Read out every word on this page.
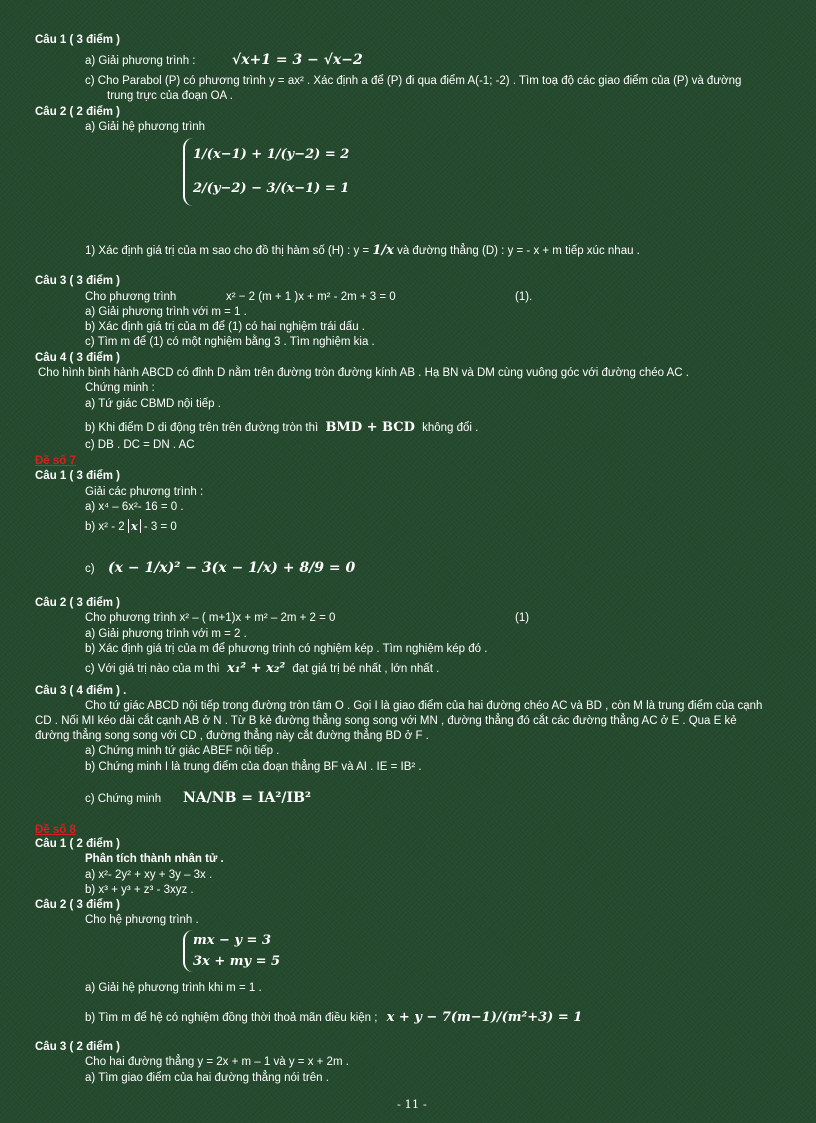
Câu 1 ( 3 điểm )
a) Giải phương trình :	√x+1 = 3 − √x−2
c) Cho Parabol (P) có phương trình y = ax² . Xác định a để (P) đi qua điểm A(-1; -2) . Tìm toạ độ các giao điểm của (P) và đường
trung trực của đoạn OA .
Câu 2 ( 2 điểm )
a) Giải hệ phương trình
1/(x−1) + 1/(y−2) = 2
2/(y−2) − 3/(x−1) = 1
1) Xác định giá trị của m sao cho đồ thị hàm số (H) : y = 1/x và đường thẳng (D) : y = - x + m tiếp xúc nhau .
Câu 3 ( 3 điểm )
Cho phương trình	x² − 2 (m + 1 )x + m² - 2m + 3 = 0	(1).
a) Giải phương trình với m = 1 .
b) Xác định giá trị của m để (1) có hai nghiệm trái dấu .
c) Tìm m để (1) có một nghiệm bằng 3 . Tìm nghiệm kia .
Câu 4 ( 3 điểm )
Cho hình bình hành ABCD có đỉnh D nằm trên đường tròn đường kính AB . Hạ BN và DM cùng vuông góc với đường chéo AC .
Chứng minh :
a) Tứ giác CBMD nội tiếp .
b) Khi điểm D di động trên trên đường tròn thì BMD + BCD không đổi .
c) DB . DC = DN . AC
Đề số 7
Câu 1 ( 3 điểm )
Giải các phương trình :
a) x⁴ – 6x²- 16 = 0 .
b) x² - 2 x - 3 = 0
c) (x − 1/x)² − 3(x − 1/x) + 8/9 = 0
Câu 2 ( 3 điểm )
Cho phương trình x² – ( m+1)x + m² – 2m + 2 = 0	(1)
a) Giải phương trình với m = 2 .
b) Xác định giá trị của m để phương trình có nghiệm kép . Tìm nghiệm kép đó .
c) Với giá trị nào của m thì x₁² + x₂² đạt giá trị bé nhất , lớn nhất .
Câu 3 ( 4 điểm ) .
Cho tứ giác ABCD nội tiếp trong đường tròn tâm O . Gọi I là giao điểm của hai đường chéo AC và BD , còn M là trung điểm của cạnh
CD . Nối MI kéo dài cắt cạnh AB ở N . Từ B kẻ đường thẳng song song với MN , đường thẳng đó cắt các đường thẳng AC ở E . Qua E kẻ
đường thẳng song song với CD , đường thẳng này cắt đường thẳng BD ở F .
a) Chứng minh tứ giác ABEF nội tiếp .
b) Chứng minh I là trung điểm của đoạn thẳng BF và AI . IE = IB² .
c) Chứng minh NA/NB = IA²/IB²
Đề số 8
Câu 1 ( 2 điểm )
Phân tích thành nhân tử .
a) x²- 2y² + xy + 3y – 3x .
b) x³ + y³ + z³ - 3xyz .
Câu 2 ( 3 điểm )
Cho hệ phương trình .
mx − y = 3
3x + my = 5
a) Giải hệ phương trình khi m = 1 .
b) Tìm m để hệ có nghiệm đồng thời thoả mãn điều kiện ; x + y − 7(m−1)/(m²+3) = 1
Câu 3 ( 2 điểm )
Cho hai đường thẳng y = 2x + m – 1 và y = x + 2m .
a) Tìm giao điểm của hai đường thẳng nói trên .
- 11 -
